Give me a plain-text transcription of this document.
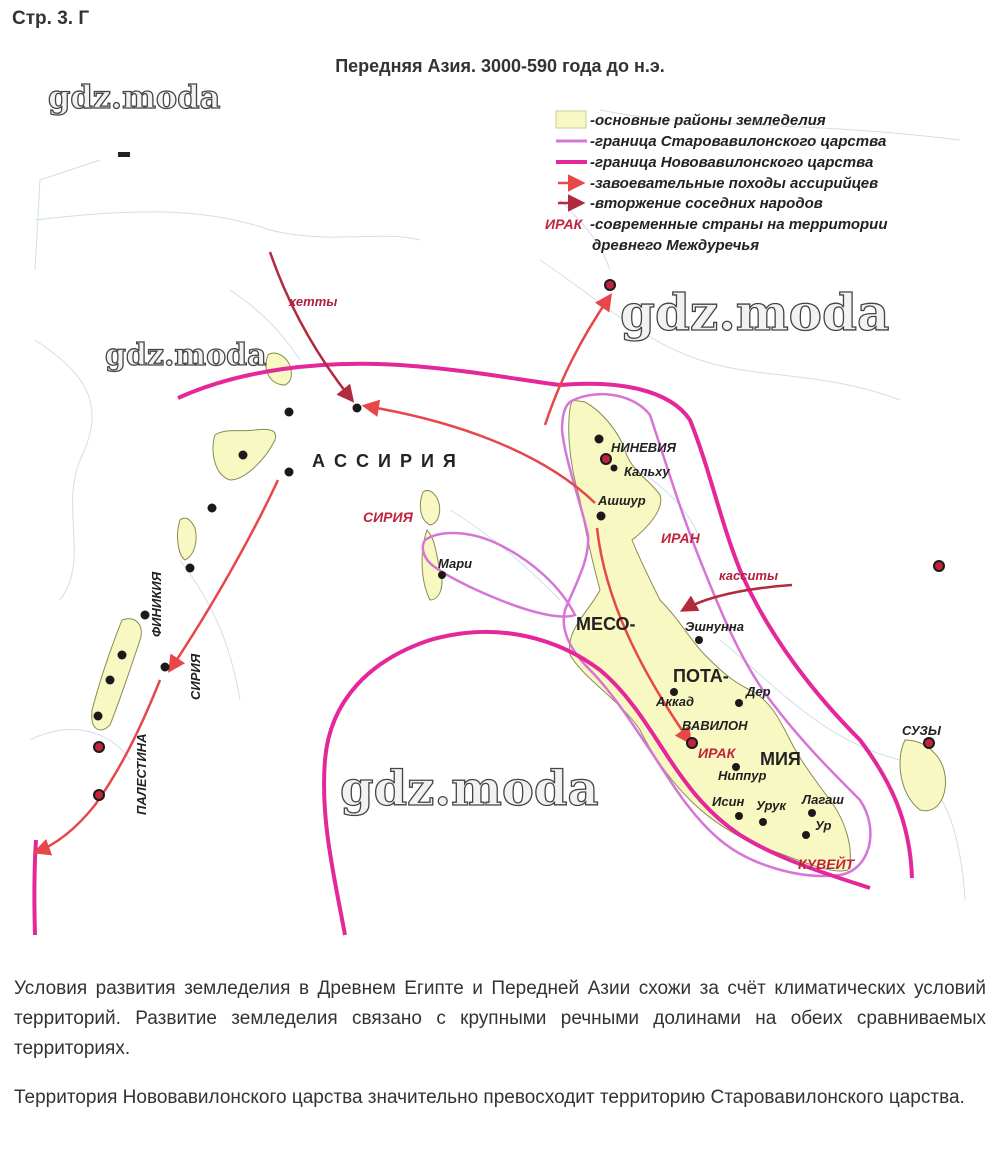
Стр. 3. Г
Передняя Азия. 3000-590 года до н.э.
gdz.moda
gdz.moda
gdz.moda
gdz.moda
А С С И Р И Я
МЕСО-
ПОТА-
МИЯ
ФИНИКИЯ
СИРИЯ
ПАЛЕСТИНА
НИНЕВИЯ
Кальху
Ашшур
Мари
Эшнунна
Аккад
Дер
ВАВИЛОН
Ниппур
Исин Урук Лагаш
Ур
СУЗЫ
СИРИЯ
ИРАН
ИРАК
КУВЕЙТ
хетты
касситы
-основные районы земледелия
-граница Старовавилонского царства
-граница Нововавилонского царства
-завоевательные походы ассирийцев
-вторжение соседних народов
ИРАК -современные страны на территории
древнего Междуречья

Условия развития земледелия в Древнем Египте и Передней Азии схожи за счёт климатических условий территорий. Развитие земледелия связано с крупными речными долинами на обеих сравниваемых территориях.

Территория Нововавилонского царства значительно превосходит территорию Старовавилонского царства.
